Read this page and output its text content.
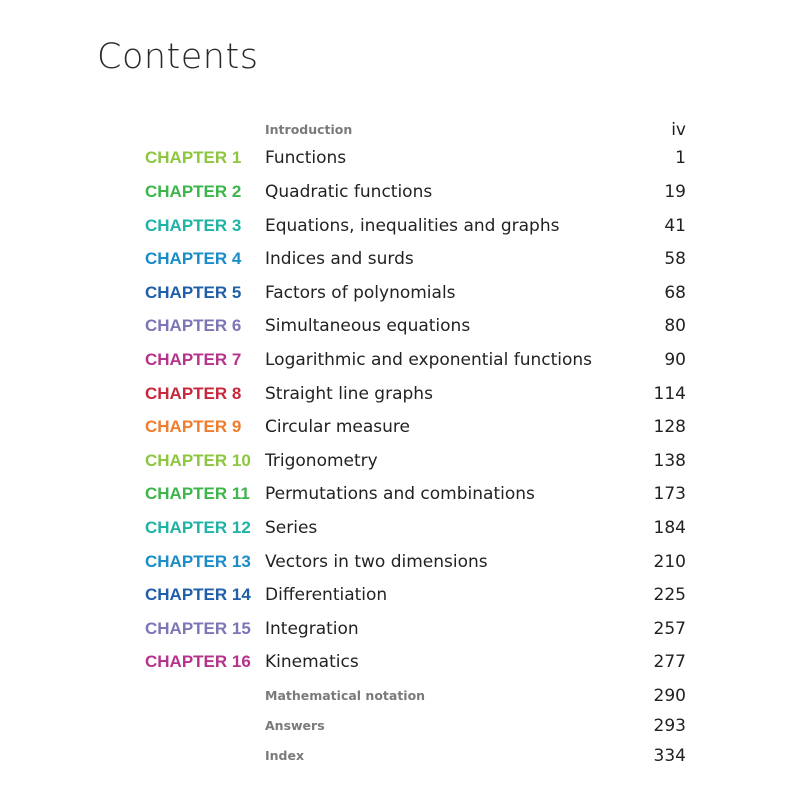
Contents
Introduction	iv
CHAPTER 1 Functions	1
CHAPTER 2 Quadratic functions	19
CHAPTER 3 Equations, inequalities and graphs	41
CHAPTER 4 Indices and surds	58
CHAPTER 5 Factors of polynomials	68
CHAPTER 6 Simultaneous equations	80
CHAPTER 7 Logarithmic and exponential functions	90
CHAPTER 8 Straight line graphs	114
CHAPTER 9 Circular measure	128
CHAPTER 10 Trigonometry	138
CHAPTER 11 Permutations and combinations	173
CHAPTER 12 Series	184
CHAPTER 13 Vectors in two dimensions	210
CHAPTER 14 Differentiation	225
CHAPTER 15 Integration	257
CHAPTER 16 Kinematics	277
Mathematical notation	290
Answers	293
Index	334
